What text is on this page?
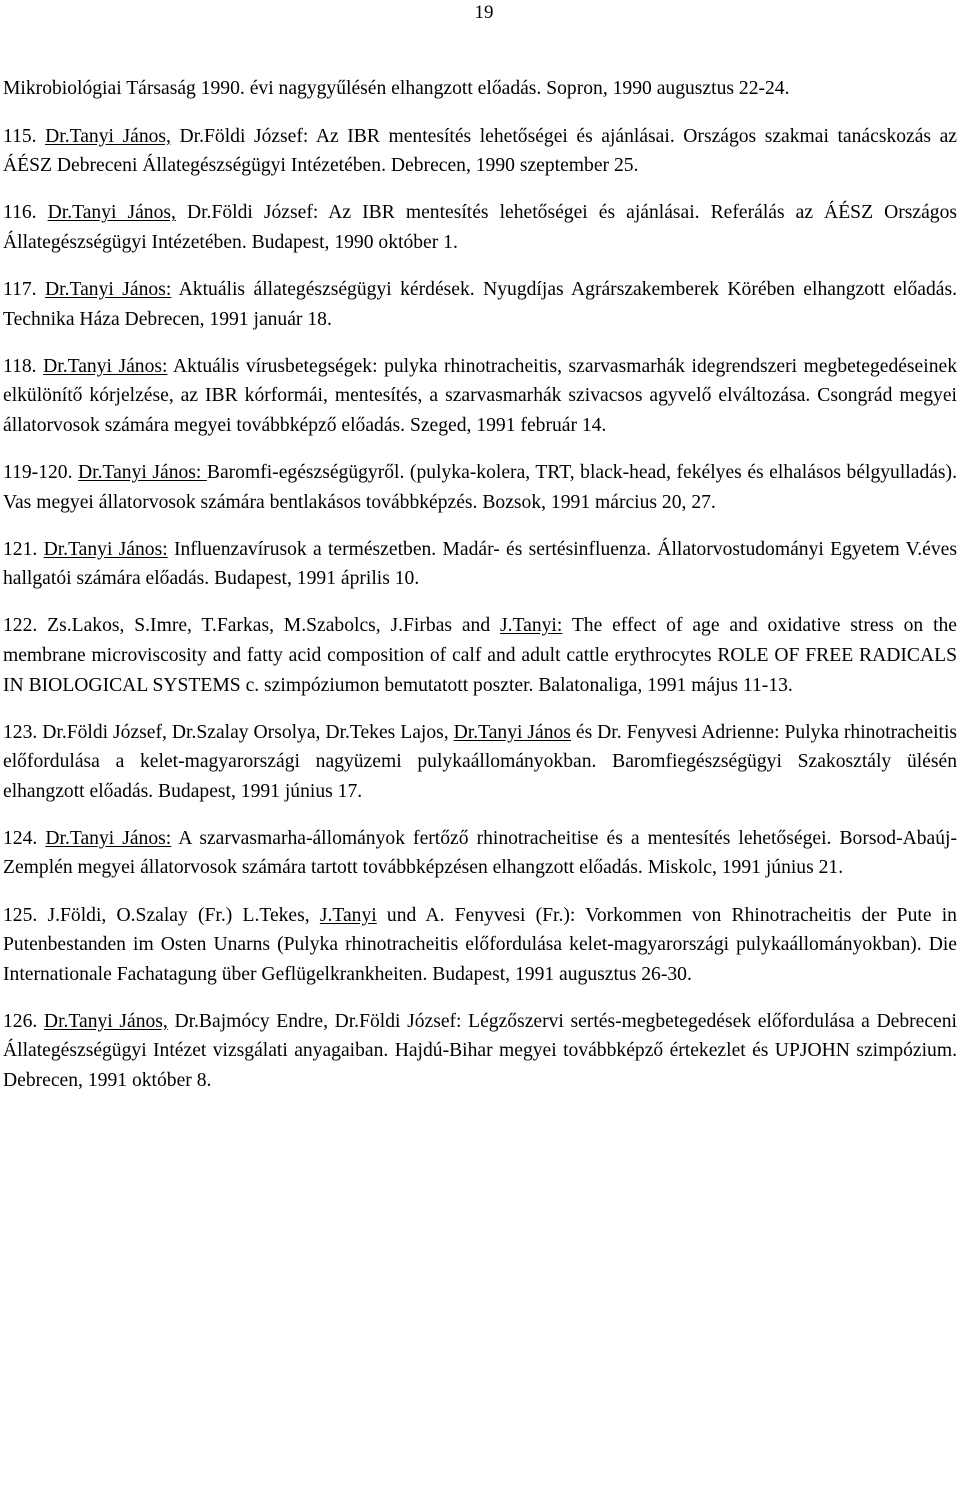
19

Mikrobiológiai Társaság 1990. évi nagygyűlésén elhangzott előadás. Sopron, 1990 augusztus 22-24.

115. Dr.Tanyi János, Dr.Földi József: Az IBR mentesítés lehetőségei és ajánlásai. Országos szakmai tanácskozás az ÁÉSZ Debreceni Állategészségügyi Intézetében. Debrecen, 1990 szeptember 25.

116. Dr.Tanyi János, Dr.Földi József: Az IBR mentesítés lehetőségei és ajánlásai. Referálás az ÁÉSZ Országos Állategészségügyi Intézetében. Budapest, 1990 október 1.

117. Dr.Tanyi János: Aktuális állategészségügyi kérdések. Nyugdíjas Agrárszakemberek Körében elhangzott előadás. Technika Háza Debrecen, 1991 január 18.

118. Dr.Tanyi János: Aktuális vírusbetegségek: pulyka rhinotracheitis, szarvasmarhák idegrendszeri megbetegedéseinek elkülönítő kórjelzése, az IBR kórformái, mentesítés, a szarvasmarhák szivacsos agyvelő elváltozása. Csongrád megyei állatorvosok számára megyei továbbképző előadás. Szeged, 1991 február 14.

119-120. Dr.Tanyi János: Baromfi-egészségügyről. (pulyka-kolera, TRT, black-head, fekélyes és elhalásos bélgyulladás). Vas megyei állatorvosok számára bentlakásos továbbképzés. Bozsok, 1991 március 20, 27.

121. Dr.Tanyi János: Influenzavírusok a természetben. Madár- és sertésinfluenza. Állatorvostudományi Egyetem V.éves hallgatói számára előadás. Budapest, 1991 április 10.

122. Zs.Lakos, S.Imre, T.Farkas, M.Szabolcs, J.Firbas and J.Tanyi: The effect of age and oxidative stress on the membrane microviscosity and fatty acid composition of calf and adult cattle erythrocytes ROLE OF FREE RADICALS IN BIOLOGICAL SYSTEMS c. szimpóziumon bemutatott poszter. Balatonaliga, 1991 május 11-13.

123. Dr.Földi József, Dr.Szalay Orsolya, Dr.Tekes Lajos, Dr.Tanyi János és Dr. Fenyvesi Adrienne: Pulyka rhinotracheitis előfordulása a kelet-magyarországi nagyüzemi pulykaállományokban. Baromfiegészségügyi Szakosztály ülésén elhangzott előadás. Budapest, 1991 június 17.

124. Dr.Tanyi János: A szarvasmarha-állományok fertőző rhinotracheitise és a mentesítés lehetőségei. Borsod-Abaúj-Zemplén megyei állatorvosok számára tartott továbbképzésen elhangzott előadás. Miskolc, 1991 június 21.

125. J.Földi, O.Szalay (Fr.) L.Tekes, J.Tanyi und A. Fenyvesi (Fr.): Vorkommen von Rhinotracheitis der Pute in Putenbestanden im Osten Unarns (Pulyka rhinotracheitis előfordulása kelet-magyarországi pulykaállományokban). Die Internationale Fachatagung über Geflügelkrankheiten. Budapest, 1991 augusztus 26-30.

126. Dr.Tanyi János, Dr.Bajmócy Endre, Dr.Földi József: Légzőszervi sertés-megbetegedések előfordulása a Debreceni Állategészségügyi Intézet vizsgálati anyagaiban. Hajdú-Bihar megyei továbbképző értekezlet és UPJOHN szimpózium. Debrecen, 1991 október 8.
